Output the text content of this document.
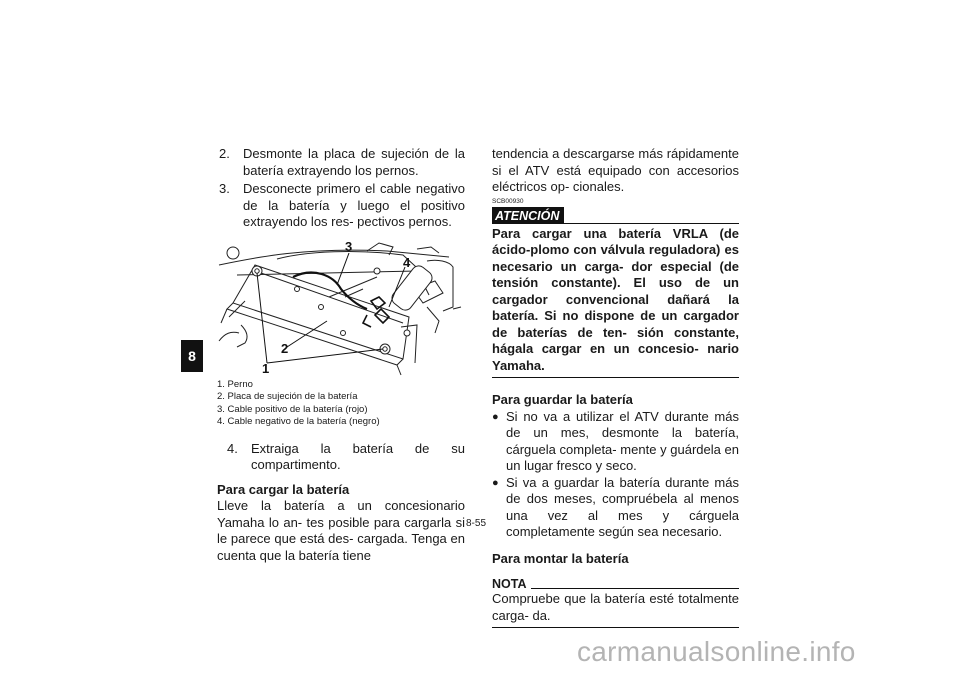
8
2.	Desmonte la placa de sujeción de la batería extrayendo los pernos.
3.	Desconecte primero el cable negativo de la batería y luego el positivo extrayendo los res- pectivos pernos.
1
2
3
4
1. Perno
2. Placa de sujeción de la batería
3. Cable positivo de la batería (rojo)
4. Cable negativo de la batería (negro)
4.	Extraiga la batería de su compartimento.
Para cargar la batería
Lleve la batería a un concesionario Yamaha lo an- tes posible para cargarla si le parece que está des- cargada. Tenga en cuenta que la batería tiene
tendencia a descargarse más rápidamente si el ATV está equipado con accesorios eléctricos op- cionales.
SCB00930
ATENCIÓN
Para cargar una batería VRLA (de ácido-plomo con válvula reguladora) es necesario un carga- dor especial (de tensión constante). El uso de un cargador convencional dañará la batería. Si no dispone de un cargador de baterías de ten- sión constante, hágala cargar en un concesio- nario Yamaha.
Para guardar la batería
● Si no va a utilizar el ATV durante más de un mes, desmonte la batería, cárguela completa- mente y guárdela en un lugar fresco y seco.
● Si va a guardar la batería durante más de dos meses, compruébela al menos una vez al mes y cárguela completamente según sea necesario.
Para montar la batería
NOTA
Compruebe que la batería esté totalmente carga- da.
8-55
carmanualsonline.info
